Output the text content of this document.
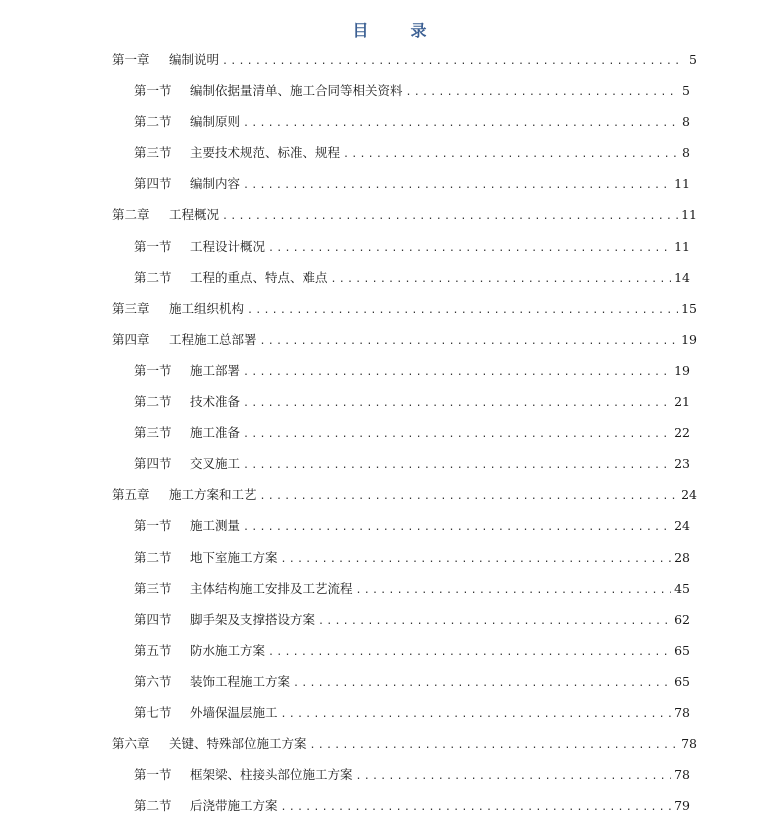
目录
第一章	编制说明 .....	5
第一节	编制依据量清单、施工合同等相关资料 .....	5
第二节	编制原则 .....	8
第三节	主要技术规范、标准、规程 .....	8
第四节	编制内容 .....	11
第二章	工程概况 .....	11
第一节	工程设计概况 .....	11
第二节	工程的重点、特点、难点 .....	14
第三章	施工组织机构 .....	15
第四章	工程施工总部署 .....	19
第一节	施工部署 .....	19
第二节	技术准备 .....	21
第三节	施工准备 .....	22
第四节	交叉施工 .....	23
第五章	施工方案和工艺 .....	24
第一节	施工测量 .....	24
第二节	地下室施工方案 .....	28
第三节	主体结构施工安排及工艺流程 .....	45
第四节	脚手架及支撑搭设方案 .....	62
第五节	防水施工方案 .....	65
第六节	装饰工程施工方案 .....	65
第七节	外墙保温层施工 .....	78
第六章	关键、特殊部位施工方案 .....	78
第一节	框架梁、柱接头部位施工方案 .....	78
第二节	后浇带施工方案 .....	79
